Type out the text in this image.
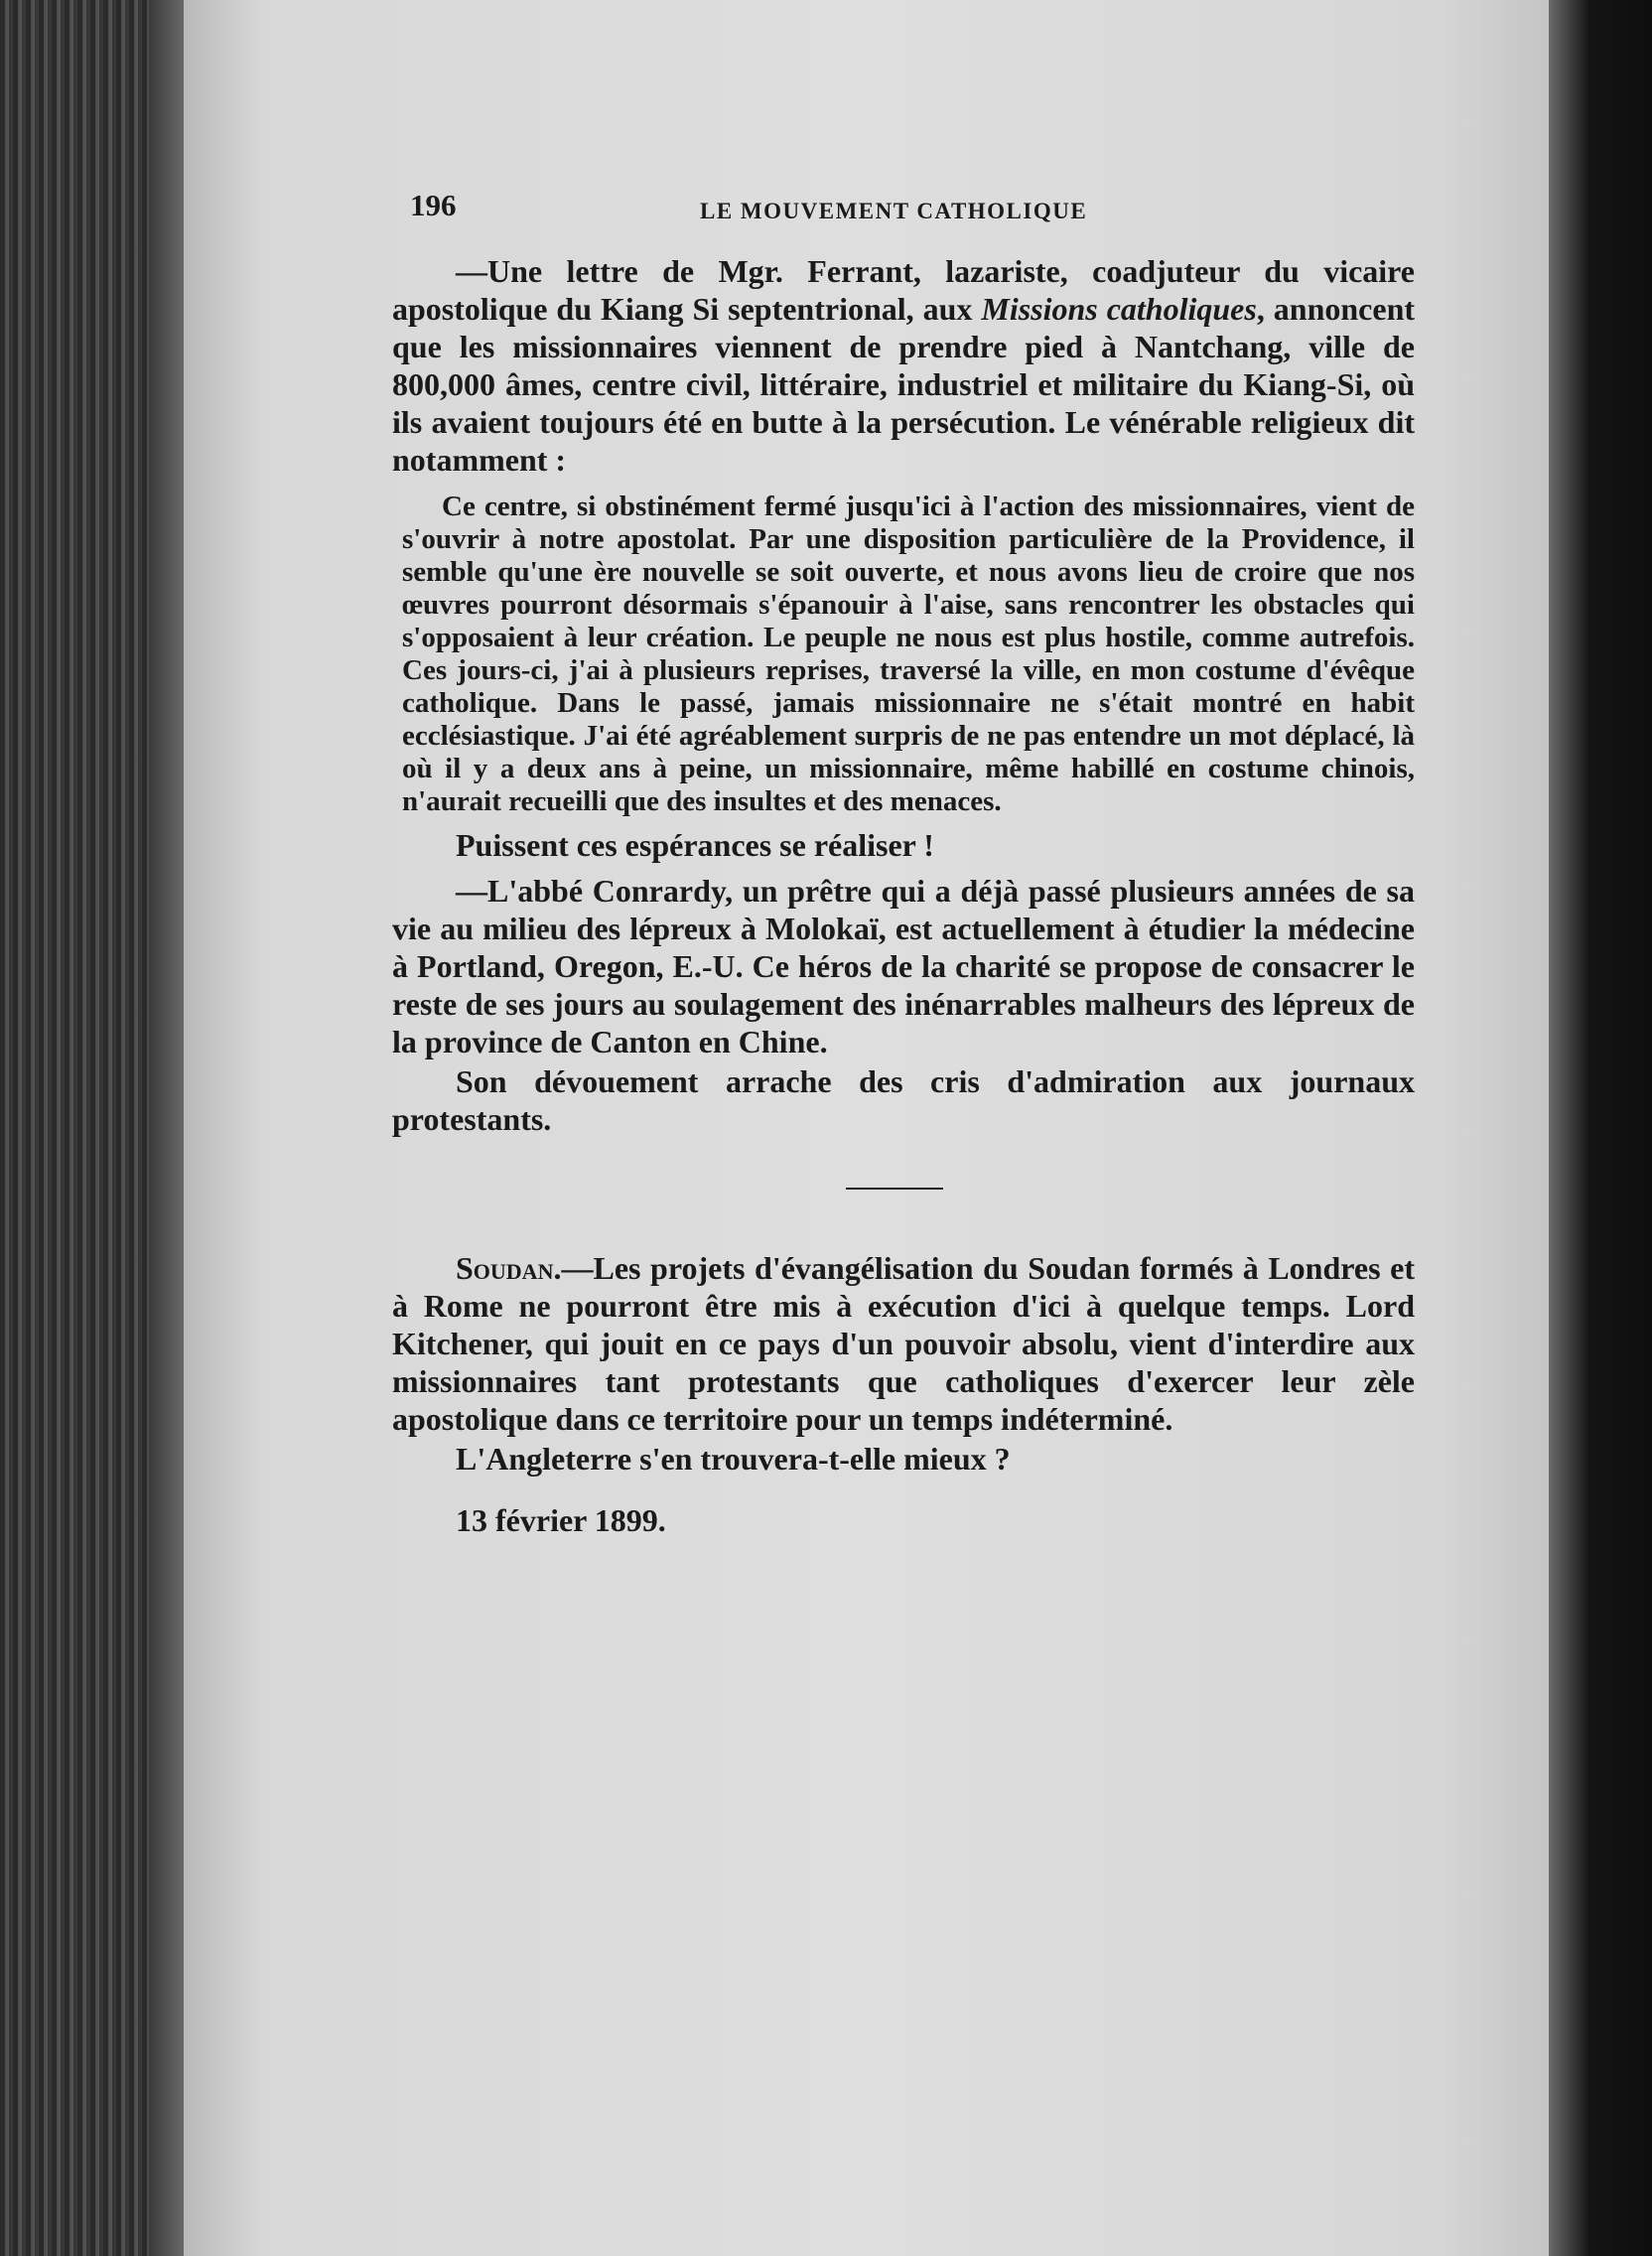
196	LE MOUVEMENT CATHOLIQUE

—Une lettre de Mgr. Ferrant, lazariste, coadjuteur du vicaire apostolique du Kiang Si septentrional, aux Missions catholiques, annoncent que les missionnaires viennent de prendre pied à Nantchang, ville de 800,000 âmes, centre civil, littéraire, industriel et militaire du Kiang-Si, où ils avaient toujours été en butte à la persécution. Le vénérable religieux dit notamment :

Ce centre, si obstinément fermé jusqu'ici à l'action des missionnaires, vient de s'ouvrir à notre apostolat. Par une disposition particulière de la Providence, il semble qu'une ère nouvelle se soit ouverte, et nous avons lieu de croire que nos œuvres pourront désormais s'épanouir à l'aise, sans rencontrer les obstacles qui s'opposaient à leur création. Le peuple ne nous est plus hostile, comme autrefois. Ces jours-ci, j'ai à plusieurs reprises, traversé la ville, en mon costume d'évêque catholique. Dans le passé, jamais missionnaire ne s'était montré en habit ecclésiastique. J'ai été agréablement surpris de ne pas entendre un mot déplacé, là où il y a deux ans à peine, un missionnaire, même habillé en costume chinois, n'aurait recueilli que des insultes et des menaces.

Puissent ces espérances se réaliser !

—L'abbé Conrardy, un prêtre qui a déjà passé plusieurs années de sa vie au milieu des lépreux à Molokaï, est actuellement à étudier la médecine à Portland, Oregon, E.-U. Ce héros de la charité se propose de consacrer le reste de ses jours au soulagement des inénarrables malheurs des lépreux de la province de Canton en Chine.

Son dévouement arrache des cris d'admiration aux journaux protestants.

Soudan.—Les projets d'évangélisation du Soudan formés à Londres et à Rome ne pourront être mis à exécution d'ici à quelque temps. Lord Kitchener, qui jouit en ce pays d'un pouvoir absolu, vient d'interdire aux missionnaires tant protestants que catholiques d'exercer leur zèle apostolique dans ce territoire pour un temps indéterminé.

L'Angleterre s'en trouvera-t-elle mieux ?

13 février 1899.
